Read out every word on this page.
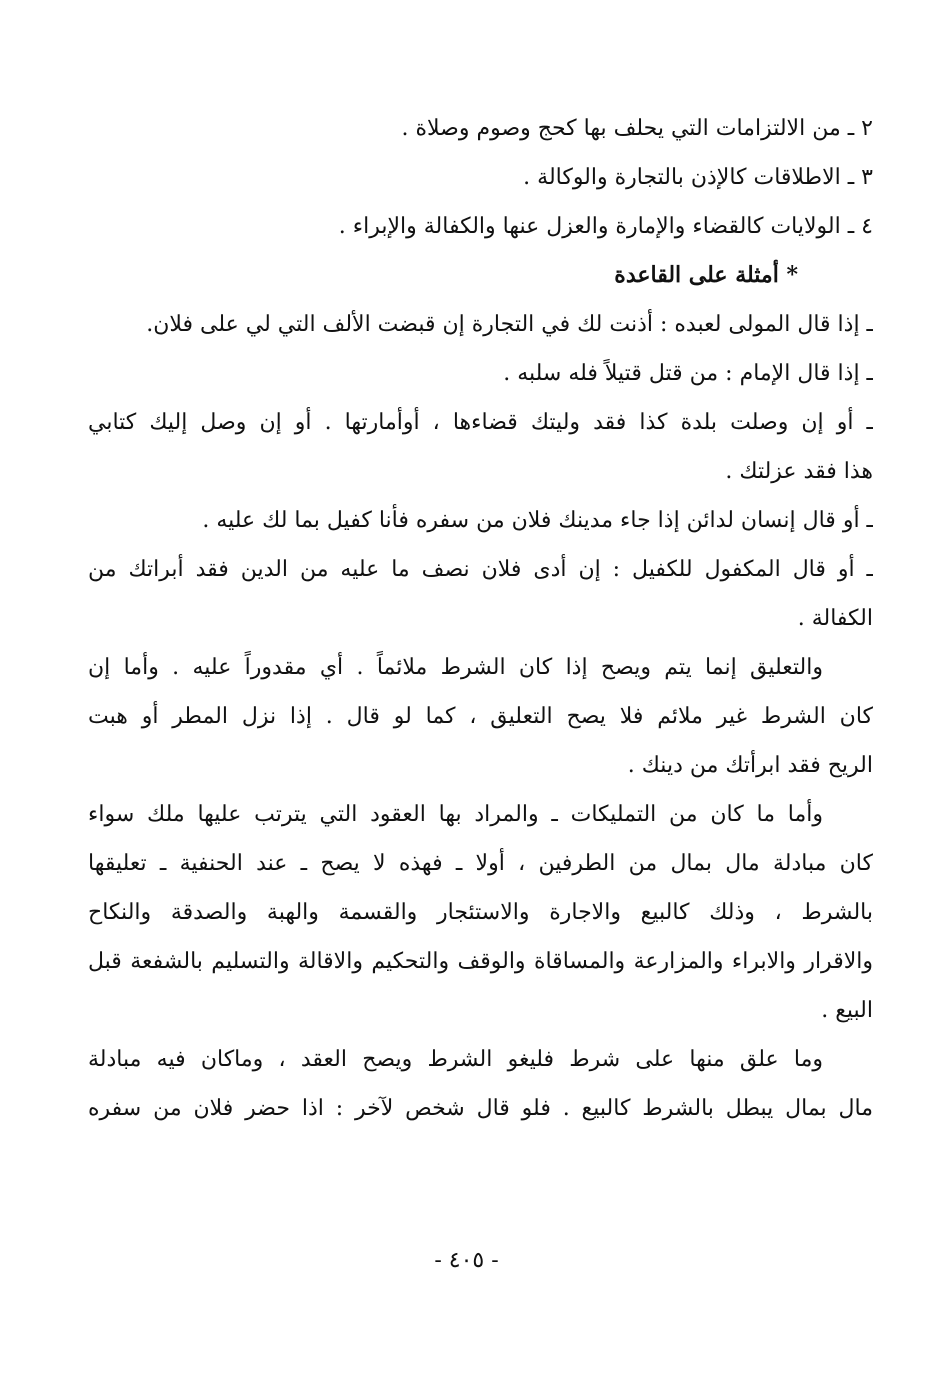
٢ ـ من الالتزامات التي يحلف بها كحج وصوم وصلاة .

٣ ـ الاطلاقات كالإذن بالتجارة والوكالة .

٤ ـ الولايات كالقضاء والإمارة والعزل عنها والكفالة والإبراء .

* أمثلة على القاعدة

ـ إذا قال المولى لعبده : أذنت لك في التجارة إن قبضت الألف التي لي على فلان.

ـ إذا قال الإمام : من قتل قتيلاً فله سلبه .

ـ أو إن وصلت بلدة كذا فقد وليتك قضاءها ، أوأمارتها . أو إن وصل إليك كتابي

هذا فقد عزلتك .

ـ أو قال إنسان لدائن إذا جاء مدينك فلان من سفره فأنا كفيل بما لك عليه .

ـ أو قال المكفول للكفيل : إن أدى فلان نصف ما عليه من الدين فقد أبراتك من

الكفالة .

والتعليق إنما يتم ويصح إذا كان الشرط ملائماً . أي مقدوراً عليه . وأما إن

كان الشرط غير ملائم فلا يصح التعليق ، كما لو قال . إذا نزل المطر أو هبت

الريح فقد ابرأتك من دينك .

وأما ما كان من التمليكات ـ والمراد بها العقود التي يترتب عليها ملك سواء

كان مبادلة مال بمال من الطرفين ، أولا ـ فهذه لا يصح ـ عند الحنفية ـ تعليقها

بالشرط ، وذلك كالبيع والاجارة والاستئجار والقسمة والهبة والصدقة والنكاح

والاقرار والابراء والمزارعة والمساقاة والوقف والتحكيم والاقالة والتسليم بالشفعة قبل

البيع .

وما علق منها على شرط فليغو الشرط ويصح العقد ، وماكان فيه مبادلة

مال بمال يبطل بالشرط كالبيع . فلو قال شخص لآخر : اذا حضر فلان من سفره

- ٤٠٥ -
